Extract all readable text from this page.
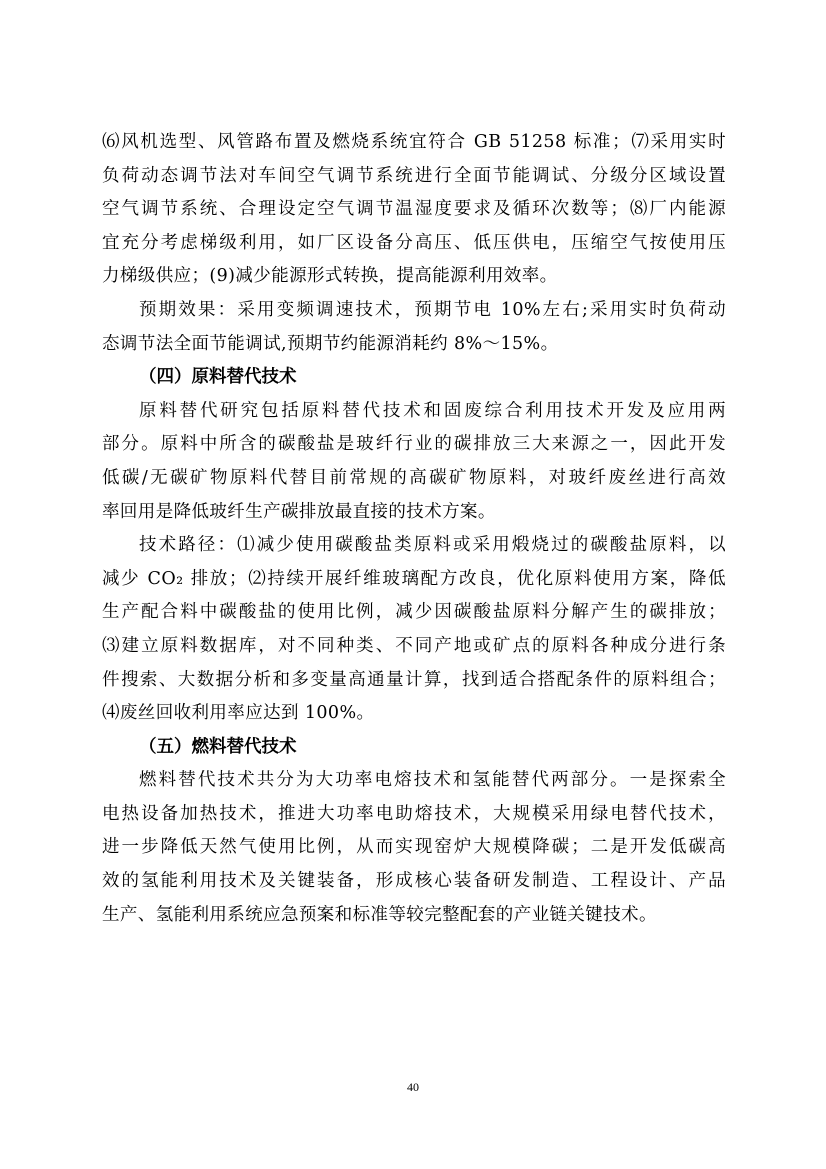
⑹风机选型、风管路布置及燃烧系统宜符合 GB 51258 标准；⑺采用实时
负荷动态调节法对车间空气调节系统进行全面节能调试、分级分区域设置
空气调节系统、合理设定空气调节温湿度要求及循环次数等；⑻厂内能源
宜充分考虑梯级利用，如厂区设备分高压、低压供电，压缩空气按使用压
力梯级供应；(9)减少能源形式转换，提高能源利用效率。
预期效果：采用变频调速技术，预期节电 10%左右;采用实时负荷动
态调节法全面节能调试,预期节约能源消耗约 8%～15%。
（四）原料替代技术
原料替代研究包括原料替代技术和固废综合利用技术开发及应用两
部分。原料中所含的碳酸盐是玻纤行业的碳排放三大来源之一，因此开发
低碳/无碳矿物原料代替目前常规的高碳矿物原料，对玻纤废丝进行高效
率回用是降低玻纤生产碳排放最直接的技术方案。
技术路径：⑴减少使用碳酸盐类原料或采用煅烧过的碳酸盐原料，以
减少 CO₂ 排放；⑵持续开展纤维玻璃配方改良，优化原料使用方案，降低
生产配合料中碳酸盐的使用比例，减少因碳酸盐原料分解产生的碳排放；
⑶建立原料数据库，对不同种类、不同产地或矿点的原料各种成分进行条
件搜索、大数据分析和多变量高通量计算，找到适合搭配条件的原料组合；
⑷废丝回收利用率应达到 100%。
（五）燃料替代技术
燃料替代技术共分为大功率电熔技术和氢能替代两部分。一是探索全
电热设备加热技术，推进大功率电助熔技术，大规模采用绿电替代技术，
进一步降低天然气使用比例，从而实现窑炉大规模降碳；二是开发低碳高
效的氢能利用技术及关键装备，形成核心装备研发制造、工程设计、产品
生产、氢能利用系统应急预案和标准等较完整配套的产业链关键技术。
40
